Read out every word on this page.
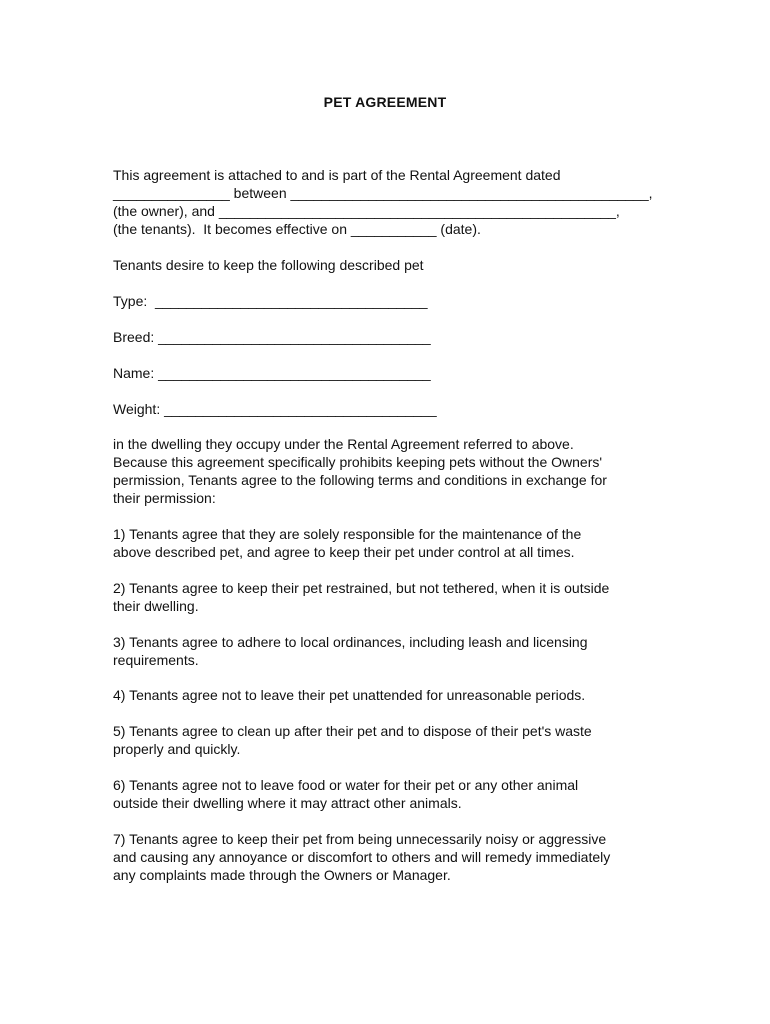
PET AGREEMENT
This agreement is attached to and is part of the Rental Agreement dated
_______________ between ______________________________________________,
(the owner), and ___________________________________________________,
(the tenants).  It becomes effective on ___________ (date).
Tenants desire to keep the following described pet
Type:  ___________________________________
Breed: ___________________________________
Name: ___________________________________
Weight: ___________________________________
in the dwelling they occupy under the Rental Agreement referred to above.
Because this agreement specifically prohibits keeping pets without the Owners'
permission, Tenants agree to the following terms and conditions in exchange for
their permission:
1) Tenants agree that they are solely responsible for the maintenance of the
above described pet, and agree to keep their pet under control at all times.
2) Tenants agree to keep their pet restrained, but not tethered, when it is outside
their dwelling.
3) Tenants agree to adhere to local ordinances, including leash and licensing
requirements.
4) Tenants agree not to leave their pet unattended for unreasonable periods.
5) Tenants agree to clean up after their pet and to dispose of their pet's waste
properly and quickly.
6) Tenants agree not to leave food or water for their pet or any other animal
outside their dwelling where it may attract other animals.
7) Tenants agree to keep their pet from being unnecessarily noisy or aggressive
and causing any annoyance or discomfort to others and will remedy immediately
any complaints made through the Owners or Manager.
